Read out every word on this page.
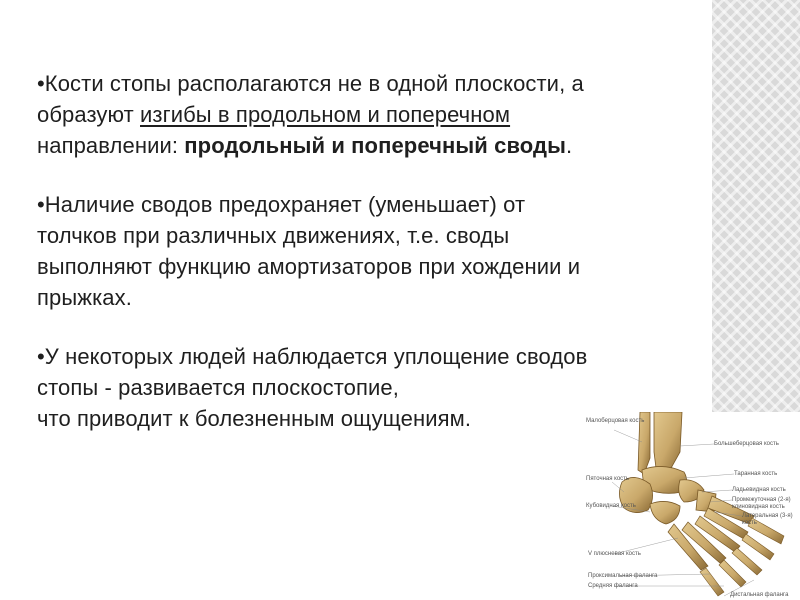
•Кости стопы располагаются не в одной плоскости, а
образуют изгибы в продольном и поперечном
направлении: продольный и поперечный своды.

•Наличие сводов предохраняет (уменьшает) от
толчков при различных движениях, т.е. своды
выполняют функцию амортизаторов при хождении и
прыжках.

•У некоторых людей наблюдается уплощение сводов
стопы - развивается плоскостопие,
что приводит к болезненным ощущениям.	Малоберцовая кость
Большеберцовая кость
Таранная кость
Пяточная кость
Ладьевидная кость
Промежуточная (2-я) клиновидная кость
Кубовидная кость
Латеральная (3-я) кость
V плюсневая кость
Проксимальная фаланга
Средняя фаланга
Дистальная фаланга
